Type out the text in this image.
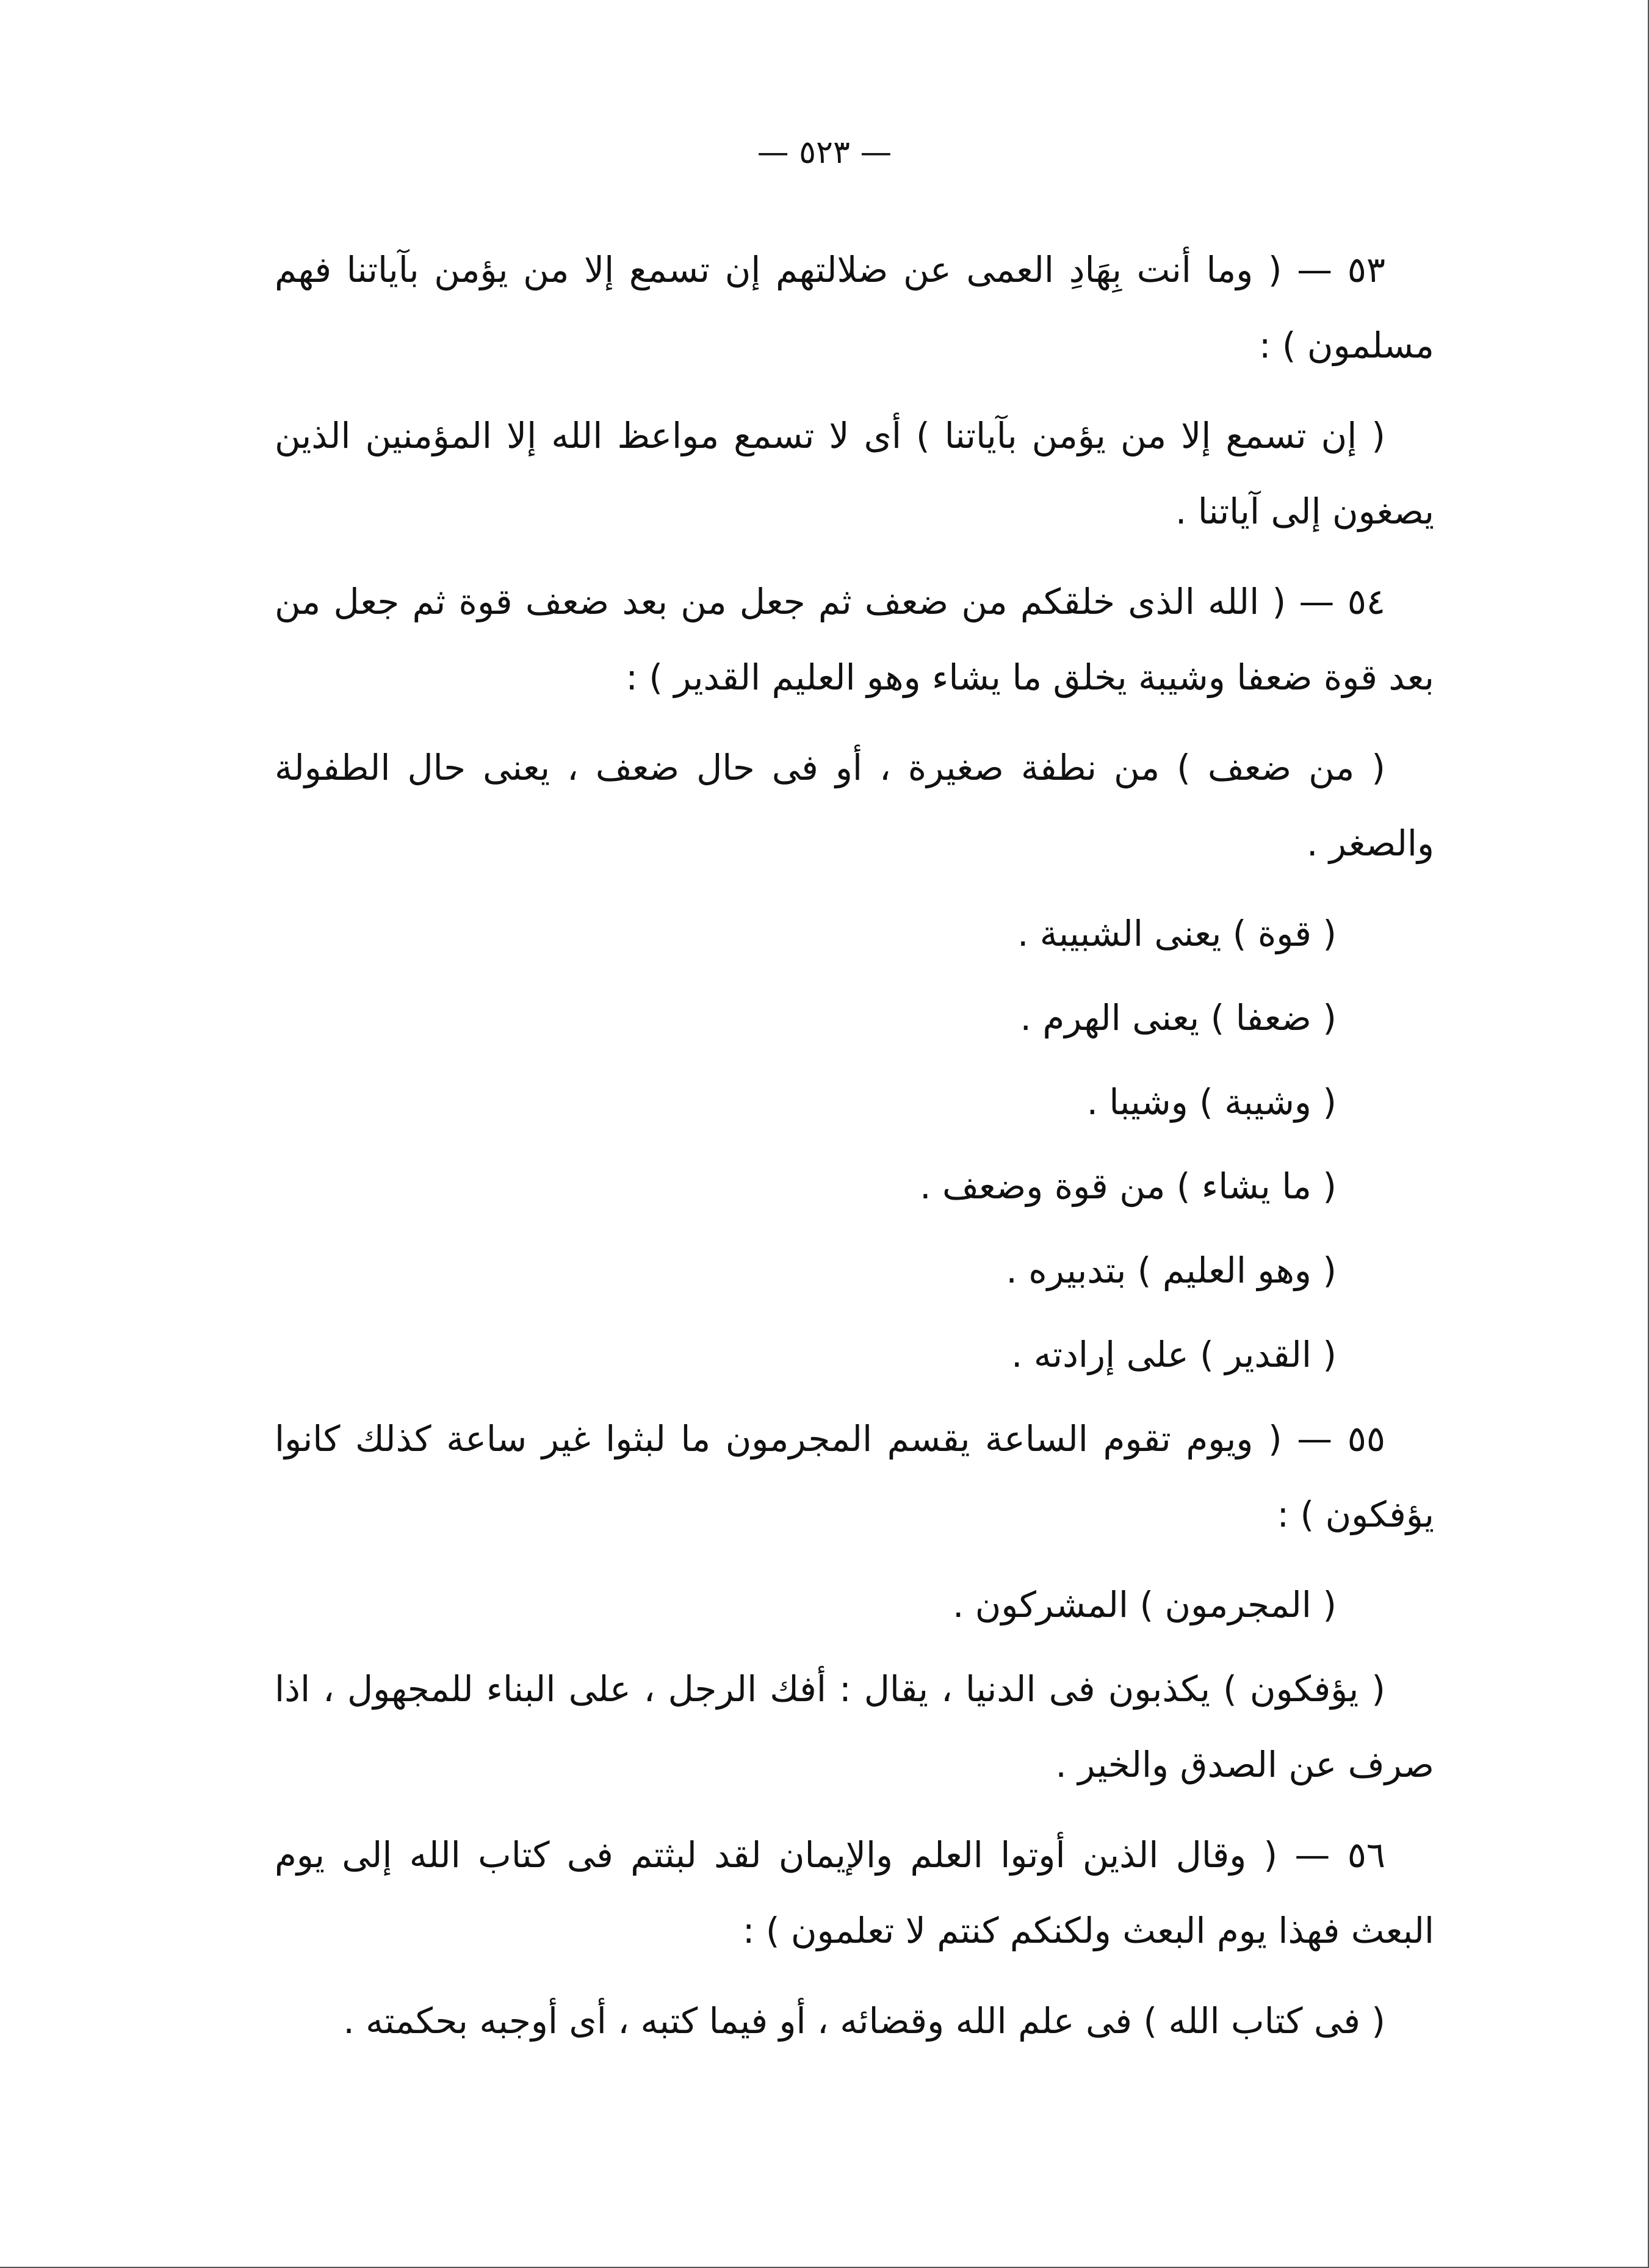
— ٥٢٣ —

٥٣ — ( وما أنت بِهَادِ العمى عن ضلالتهم إن تسمع إلا من يؤمن بآياتنا فهم مسلمون ) :

( إن تسمع إلا من يؤمن بآياتنا ) أى لا تسمع مواعظ الله إلا المؤمنين الذين يصغون إلى آياتنا .

٥٤ — ( الله الذى خلقكم من ضعف ثم جعل من بعد ضعف قوة ثم جعل من بعد قوة ضعفا وشيبة يخلق ما يشاء وهو العليم القدير ) :

( من ضعف ) من نطفة صغيرة ، أو فى حال ضعف ، يعنى حال الطفولة والصغر .

( قوة ) يعنى الشبيبة .

( ضعفا ) يعنى الهرم .

( وشيبة ) وشيبا .

( ما يشاء ) من قوة وضعف .

( وهو العليم ) بتدبيره .

( القدير ) على إرادته .

٥٥ — ( ويوم تقوم الساعة يقسم المجرمون ما لبثوا غير ساعة كذلك كانوا يؤفكون ) :

( المجرمون ) المشركون .

( يؤفكون ) يكذبون فى الدنيا ، يقال : أفك الرجل ، على البناء للمجهول ، اذا صرف عن الصدق والخير .

٥٦ — ( وقال الذين أوتوا العلم والإيمان لقد لبثتم فى كتاب الله إلى يوم البعث فهذا يوم البعث ولكنكم كنتم لا تعلمون ) :

( فى كتاب الله ) فى علم الله وقضائه ، أو فيما كتبه ، أى أوجبه بحكمته .
